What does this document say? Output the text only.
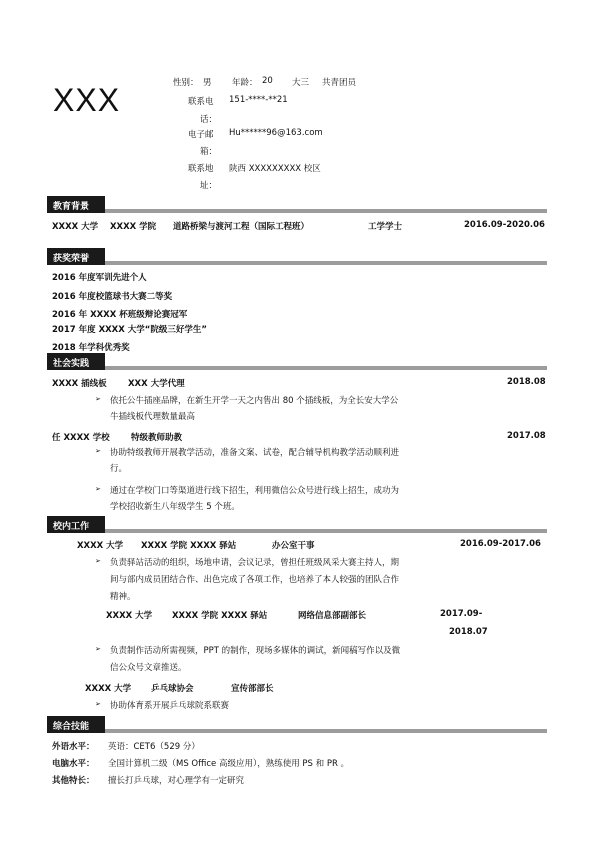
XXX	性别： 男 年龄： 20 大三 共青团员
联系电 151-****-**21
话：
电子邮 Hu******96@163.com
箱：
联系地 陕西 XXXXXXXXX 校区
址：
教育背景
XXXX 大学 XXXX 学院 道路桥梁与渡河工程（国际工程班）	工学学士	2016.09-2020.06
获奖荣誉
2016 年度军训先进个人
2016 年度校篮球书大赛二等奖
2016 年 XXXX 杯班级辩论赛冠军
2017 年度 XXXX 大学“院级三好学生”
2018 年学科优秀奖
社会实践
XXXX 插线板	XXX 大学代理	2018.08
➢ 依托公牛插座品牌，在新生开学一天之内售出 80 个插线板，为全长安大学公
牛插线板代理数量最高
任 XXXX 学校	特级教师助教	2017.08
➢ 协助特级教师开展教学活动，准备文案、试卷，配合辅导机构教学活动顺利进
行。
➢ 通过在学校门口等渠道进行线下招生，利用微信公众号进行线上招生，成功为
学校招收新生八年级学生 5 个班。
校内工作
XXXX 大学 XXXX 学院 XXXX 驿站	办公室干事	2016.09-2017.06
➢ 负责驿站活动的组织，场地申请，会议记录，曾担任班级风采大赛主持人，期
间与部内成员团结合作、出色完成了各项工作，也培养了本人较强的团队合作
精神。
XXXX 大学 XXXX 学院 XXXX 驿站	网络信息部副部长	2017.09-
2018.07
➢ 负责制作活动所需视频，PPT 的制作，现场多媒体的调试，新闻稿写作以及微
信公众号文章推送。
XXXX 大学 乒乓球协会	宣传部部长
➢ 协助体育系开展乒乓球院系联赛
综合技能
外语水平： 英语：CET6（529 分）
电脑水平： 全国计算机二级（MS Office 高级应用），熟练使用 PS 和 PR 。
其他特长： 擅长打乒乓球，对心理学有一定研究
